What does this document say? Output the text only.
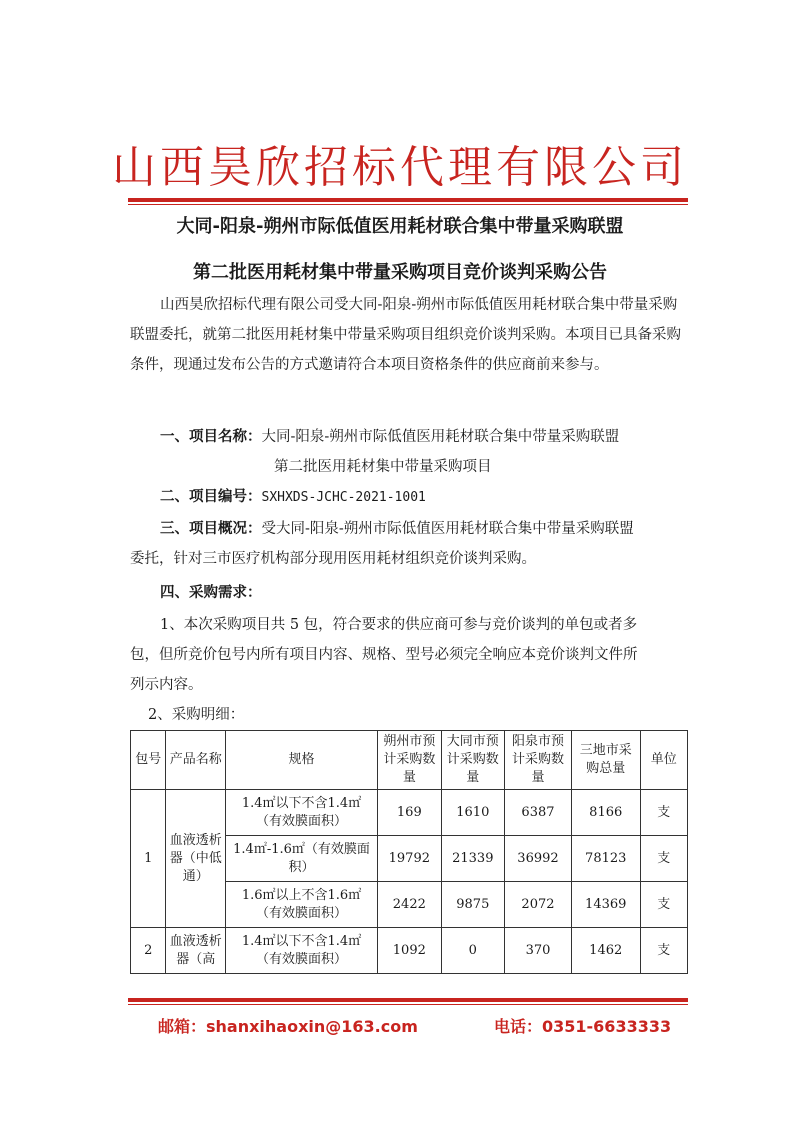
山西昊欣招标代理有限公司
大同-阳泉-朔州市际低值医用耗材联合集中带量采购联盟
第二批医用耗材集中带量采购项目竞价谈判采购公告
山西昊欣招标代理有限公司受大同-阳泉-朔州市际低值医用耗材联合集中带量采购联盟委托，就第二批医用耗材集中带量采购项目组织竞价谈判采购。本项目已具备采购条件，现通过发布公告的方式邀请符合本项目资格条件的供应商前来参与。
一、项目名称：大同-阳泉-朔州市际低值医用耗材联合集中带量采购联盟
第二批医用耗材集中带量采购项目
二、项目编号：SXHXDS-JCHC-2021-1001
三、项目概况：受大同-阳泉-朔州市际低值医用耗材联合集中带量采购联盟
委托，针对三市医疗机构部分现用医用耗材组织竞价谈判采购。
四、采购需求：
1、本次采购项目共 5 包，符合要求的供应商可参与竞价谈判的单包或者多
包，但所竞价包号内所有项目内容、规格、型号必须完全响应本竞价谈判文件所
列示内容。
2、采购明细：
包号	产品名称	规格	朔州市预计采购数量	大同市预计采购数量	阳泉市预计采购数量	三地市采购总量	单位
1	血液透析器（中低通）	1.4㎡以下不含1.4㎡（有效膜面积）	169	1610	6387	8166	支
		1.4㎡-1.6㎡（有效膜面积）	19792	21339	36992	78123	支
		1.6㎡以上不含1.6㎡（有效膜面积）	2422	9875	2072	14369	支
2	血液透析器（高	1.4㎡以下不含1.4㎡（有效膜面积）	1092	0	370	1462	支
邮箱：shanxihaoxin@163.com	电话：0351-6633333
